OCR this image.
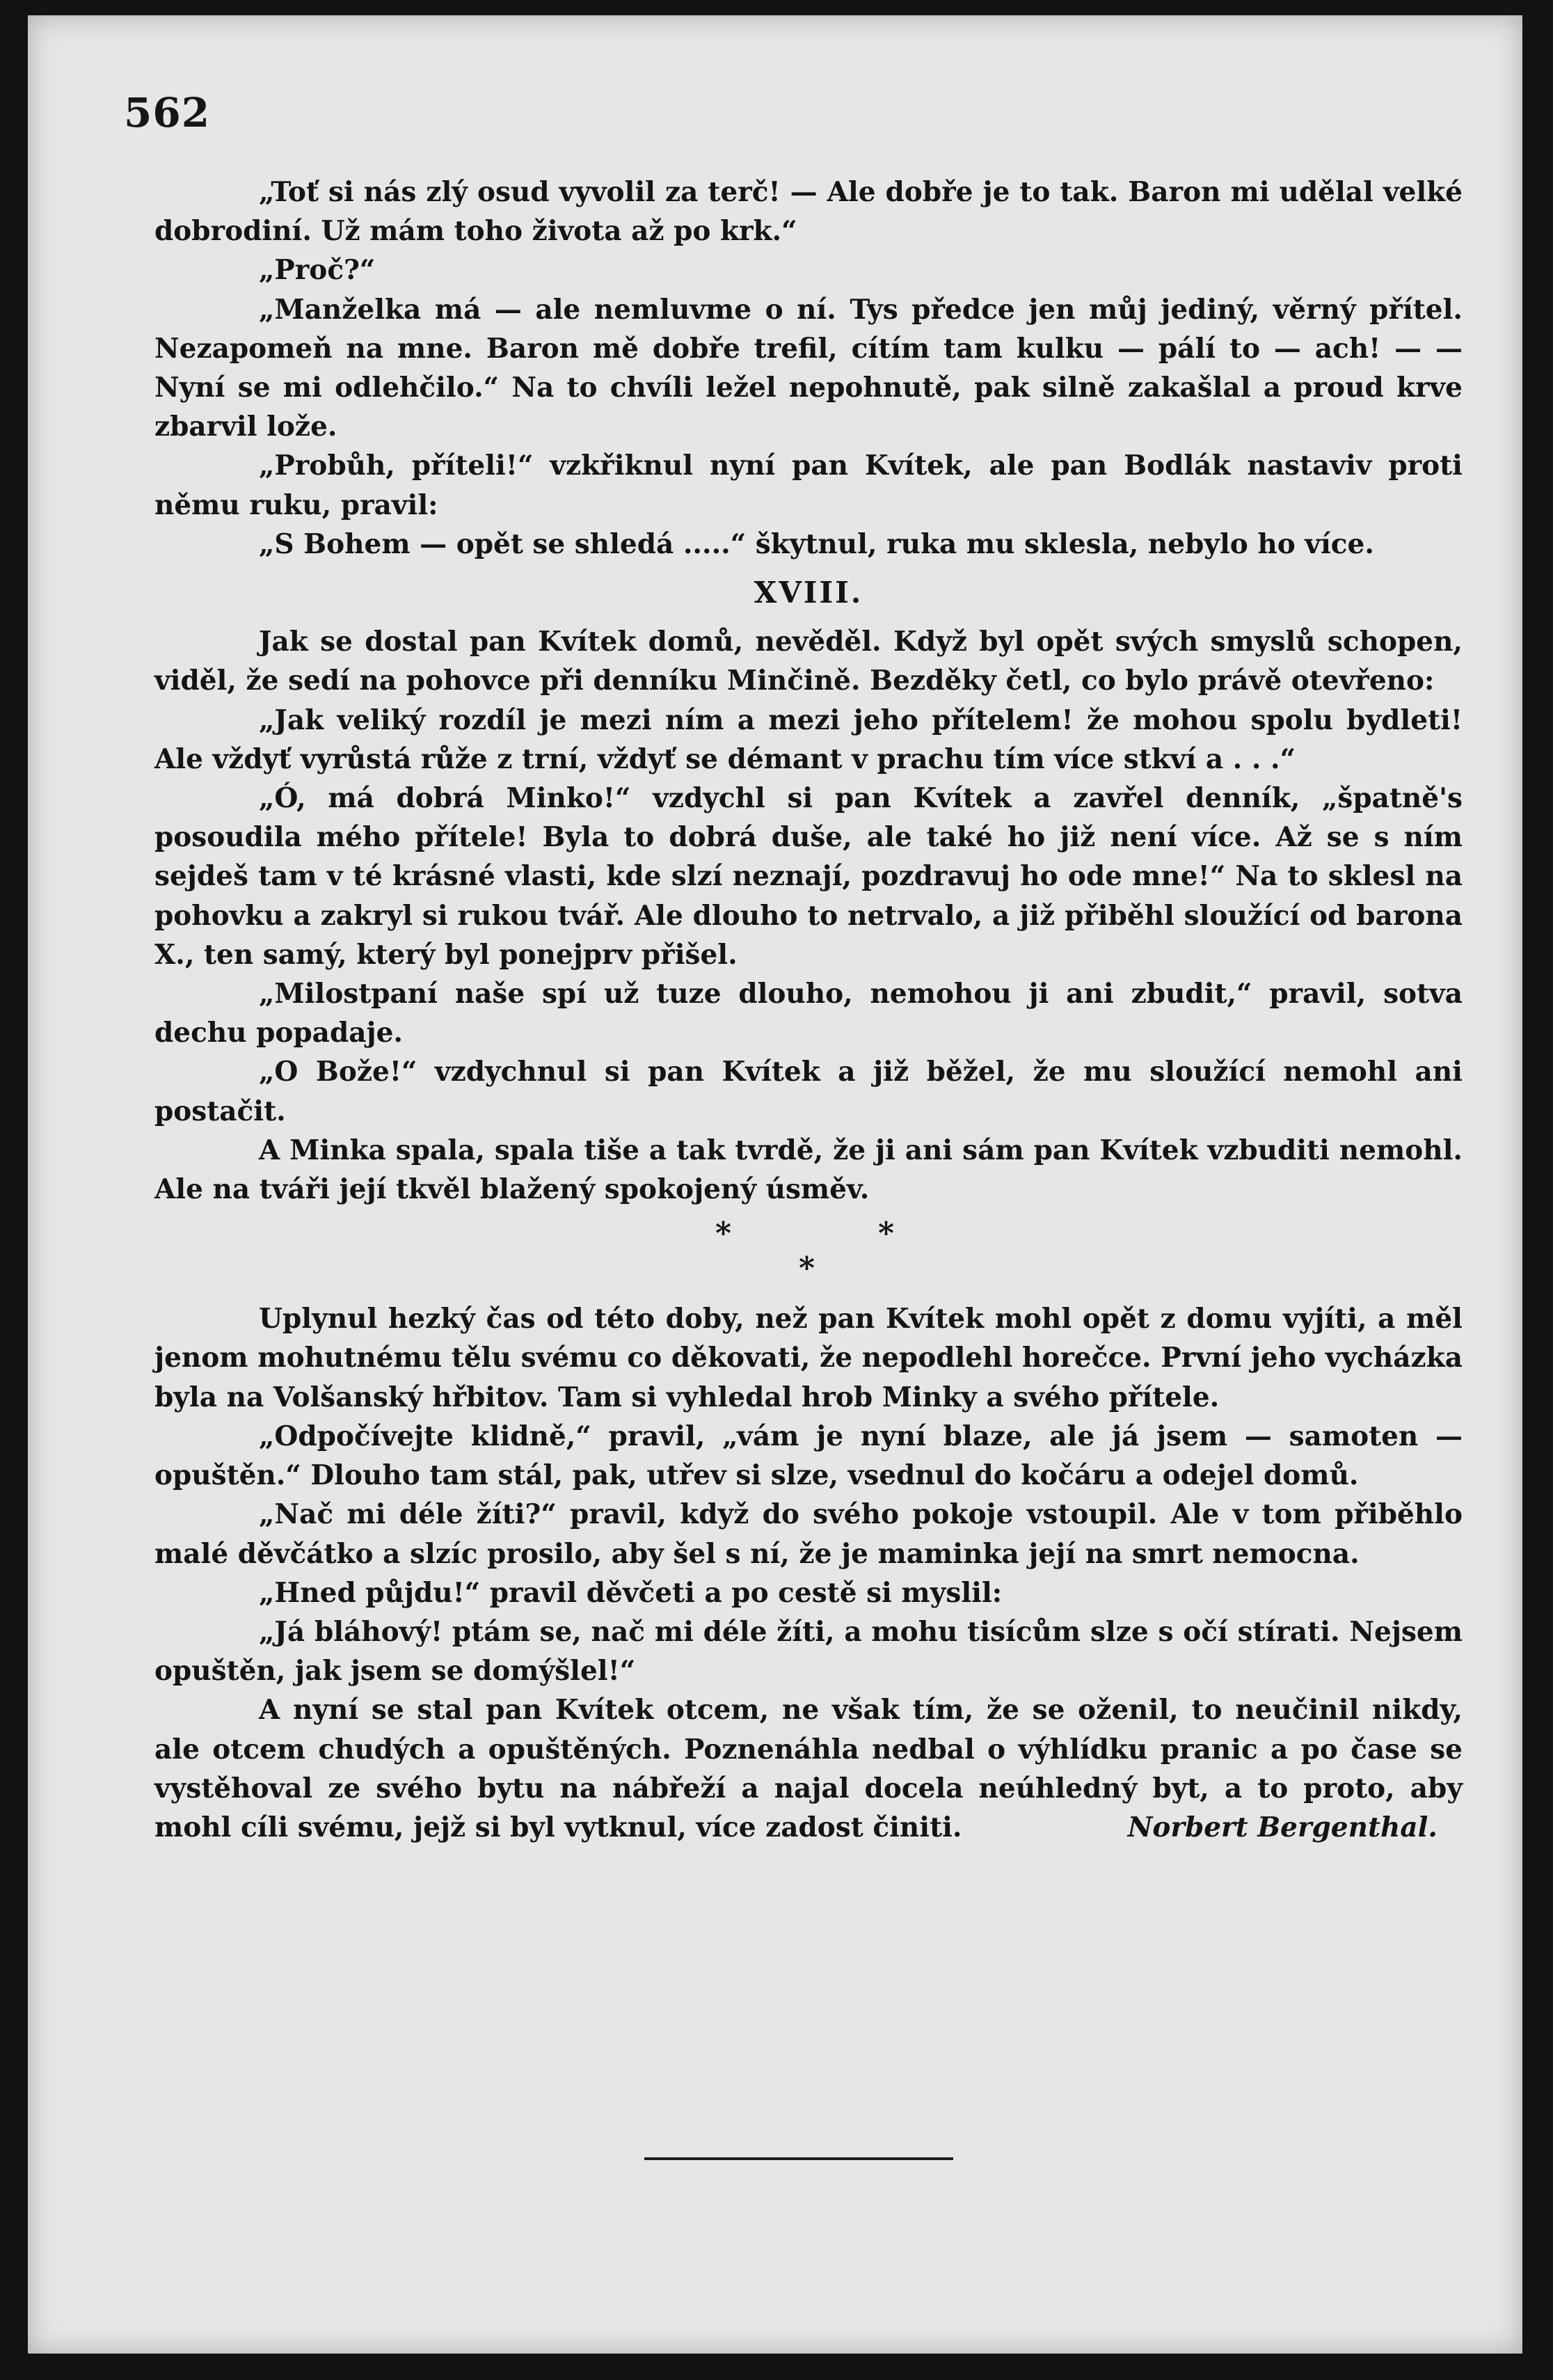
562

„Toť si nás zlý osud vyvolil za terč! — Ale dobře je to tak. Baron mi udělal velké dobrodiní. Už mám toho života až po krk.“

„Proč?“

„Manželka má — ale nemluvme o ní. Tys předce jen můj jediný, věrný přítel. Nezapomeň na mne. Baron mě dobře trefil, cítím tam kulku — pálí to — ach! — — Nyní se mi odlehčilo.“ Na to chvíli ležel nepohnutě, pak silně zakašlal a proud krve zbarvil lože.

„Probůh, příteli!“ vzkřiknul nyní pan Kvítek, ale pan Bodlák nastaviv proti němu ruku, pravil:

„S Bohem — opět se shledá .....“ škytnul, ruka mu sklesla, nebylo ho více.

XVIII.

Jak se dostal pan Kvítek domů, nevěděl. Když byl opět svých smyslů schopen, viděl, že sedí na pohovce při denníku Minčině. Bezděky četl, co bylo právě otevřeno:

„Jak veliký rozdíl je mezi ním a mezi jeho přítelem! že mohou spolu bydleti! Ale vždyť vyrůstá růže z trní, vždyť se démant v prachu tím více stkví a . . .“

„Ó, má dobrá Minko!“ vzdychl si pan Kvítek a zavřel denník, „špatně's posoudila mého přítele! Byla to dobrá duše, ale také ho již není více. Až se s ním sejdeš tam v té krásné vlasti, kde slzí neznají, pozdravuj ho ode mne!“ Na to sklesl na pohovku a zakryl si rukou tvář. Ale dlouho to netrvalo, a již přiběhl sloužící od barona X., ten samý, který byl ponejprv přišel.

„Milostpaní naše spí už tuze dlouho, nemohou ji ani zbudit,“ pravil, sotva dechu popadaje.

„O Bože!“ vzdychnul si pan Kvítek a již běžel, že mu sloužící nemohl ani postačit.

A Minka spala, spala tiše a tak tvrdě, že ji ani sám pan Kvítek vzbuditi nemohl. Ale na tváři její tkvěl blažený spokojený úsměv.

*
*
*

Uplynul hezký čas od této doby, než pan Kvítek mohl opět z domu vyjíti, a měl jenom mohutnému tělu svému co děkovati, že nepodlehl horečce. První jeho vycházka byla na Volšanský hřbitov. Tam si vyhledal hrob Minky a svého přítele.

„Odpočívejte klidně,“ pravil, „vám je nyní blaze, ale já jsem — samoten — opuštěn.“ Dlouho tam stál, pak, utřev si slze, vsednul do kočáru a odejel domů.

„Nač mi déle žíti?“ pravil, když do svého pokoje vstoupil. Ale v tom přiběhlo malé děvčátko a slzíc prosilo, aby šel s ní, že je maminka její na smrt nemocna.

„Hned půjdu!“ pravil děvčeti a po cestě si myslil:

„Já bláhový! ptám se, nač mi déle žíti, a mohu tisícům slze s očí stírati. Nejsem opuštěn, jak jsem se domýšlel!“

A nyní se stal pan Kvítek otcem, ne však tím, že se oženil, to neučinil nikdy, ale otcem chudých a opuštěných. Poznenáhla nedbal o výhlídku pranic a po čase se vystěhoval ze svého bytu na nábřeží a najal docela neúhledný byt, a to proto, aby mohl cíli svému, jejž si byl vytknul, více zadost činiti.	Norbert Bergenthal.
